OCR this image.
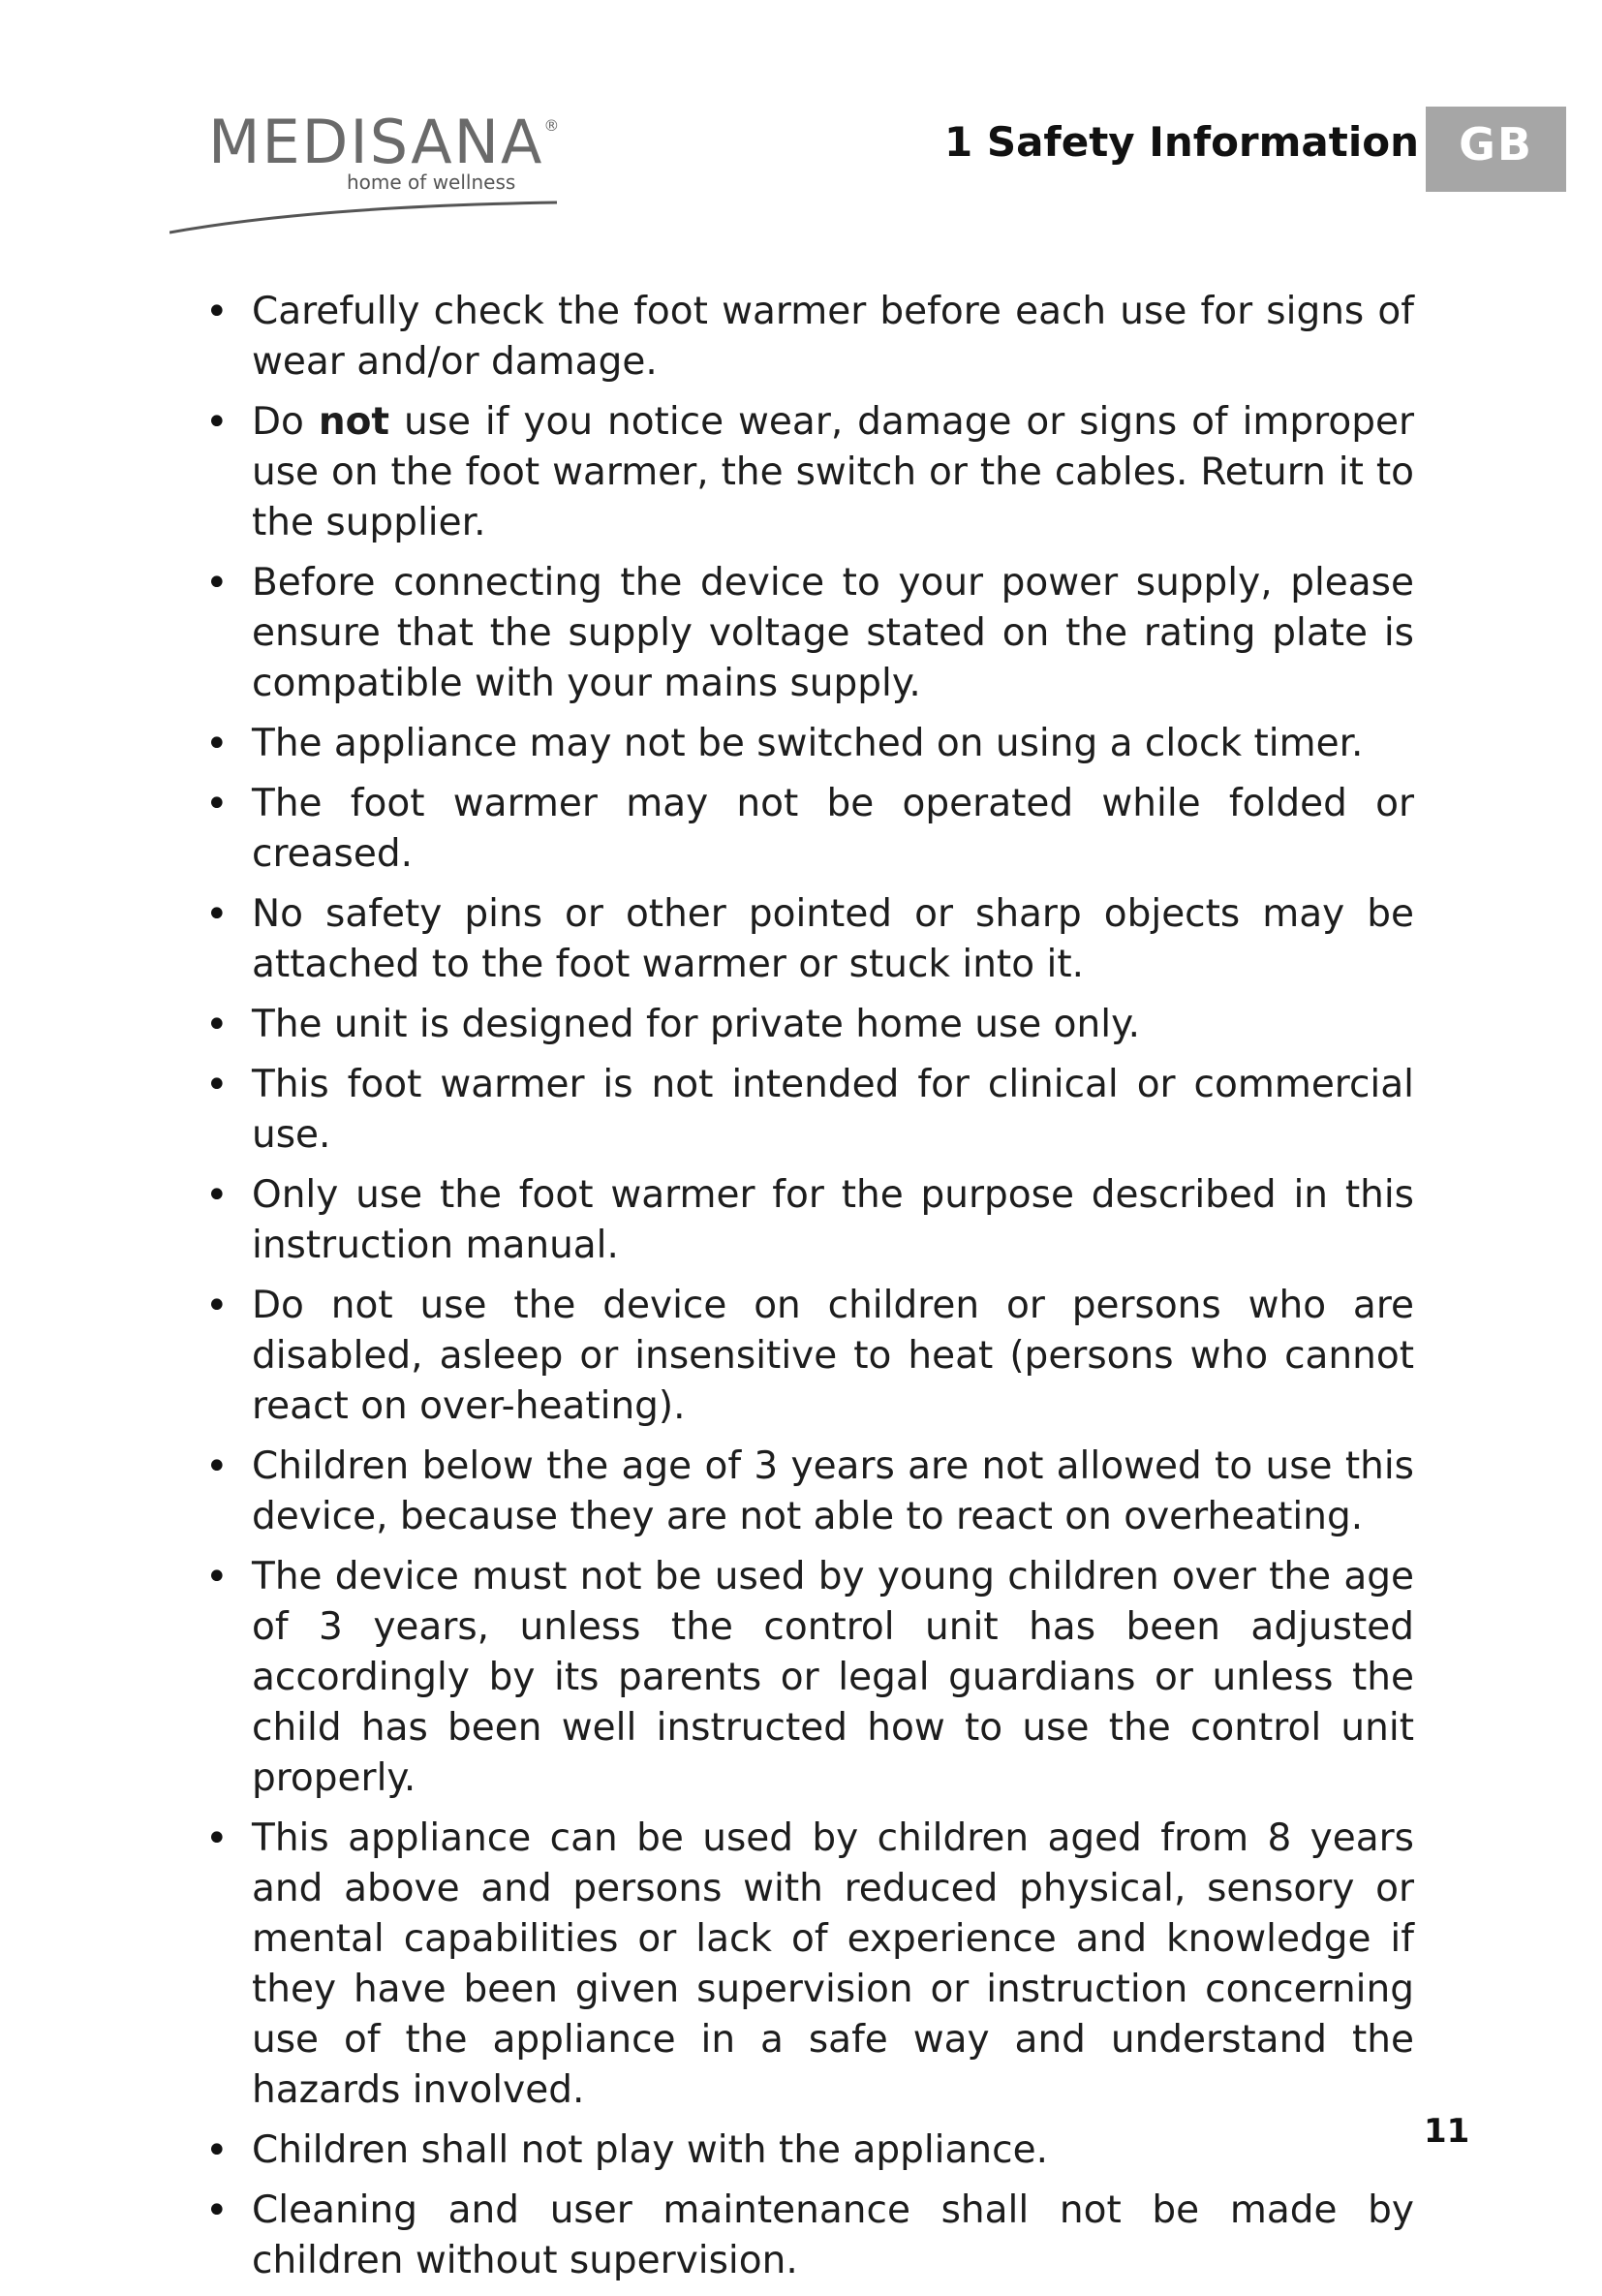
MEDISANA®
home of wellness
1 Safety Information GB
• Carefully check the foot warmer before each use for signs of wear and/or damage.
• Do not use if you notice wear, damage or signs of improper use on the foot warmer, the switch or the cables. Return it to the supplier.
• Before connecting the device to your power supply, please ensure that the supply voltage stated on the rating plate is compatible with your mains supply.
• The appliance may not be switched on using a clock timer.
• The foot warmer may not be operated while folded or creased.
• No safety pins or other pointed or sharp objects may be attached to the foot warmer or stuck into it.
• The unit is designed for private home use only.
• This foot warmer is not intended for clinical or commercial use.
• Only use the foot warmer for the purpose described in this instruction manual.
• Do not use the device on children or persons who are disabled, asleep or insensitive to heat (persons who cannot react on over-heating).
• Children below the age of 3 years are not allowed to use this device, because they are not able to react on overheating.
• The device must not be used by young children over the age of 3 years, unless the control unit has been adjusted accordingly by its parents or legal guardians or unless the child has been well instructed how to use the control unit properly.
• This appliance can be used by children aged from 8 years and above and persons with reduced physical, sensory or mental capabilities or lack of experience and knowledge if they have been given supervision or instruction concerning use of the appliance in a safe way and understand the hazards involved.
• Children shall not play with the appliance.
• Cleaning and user maintenance shall not be made by children without supervision.
11
